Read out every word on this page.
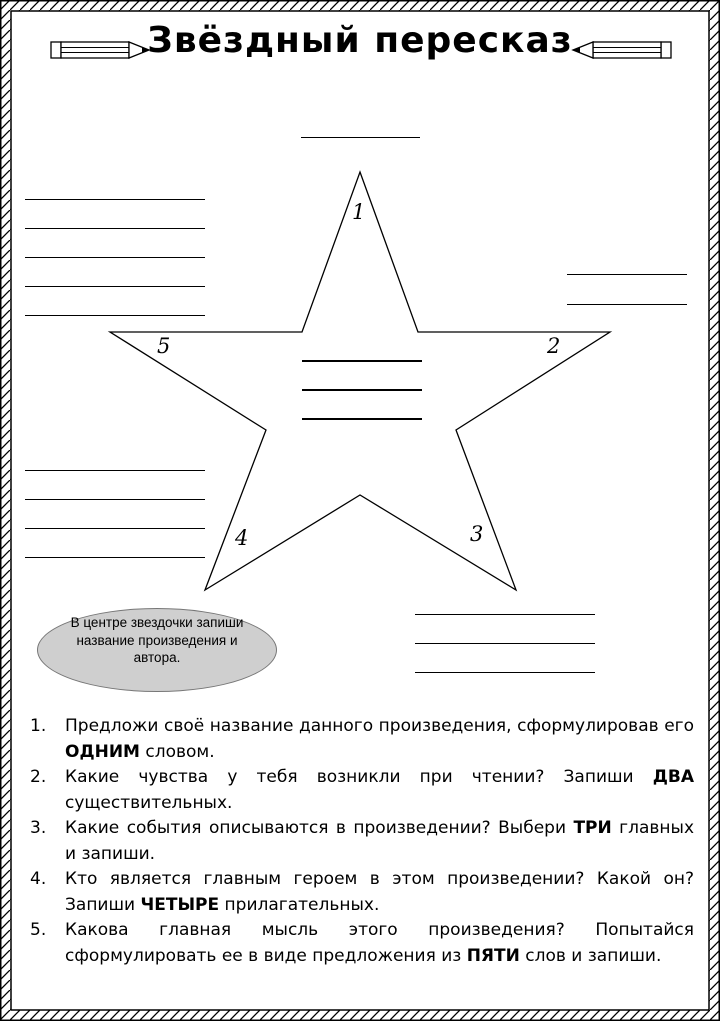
Звёздный пересказ
1
2
3
4
5
В центре звездочки запиши название произведения и автора.
1.	Предложи своё название данного произведения, сформулировав его ОДНИМ словом.
2.	Какие чувства у тебя возникли при чтении? Запиши ДВА существительных.
3.	Какие события описываются в произведении? Выбери ТРИ главных и запиши.
4.	Кто является главным героем в этом произведении? Какой он? Запиши ЧЕТЫРЕ прилагательных.
5.	Какова главная мысль этого произведения? Попытайся сформулировать ее в виде предложения из ПЯТИ слов и запиши.
